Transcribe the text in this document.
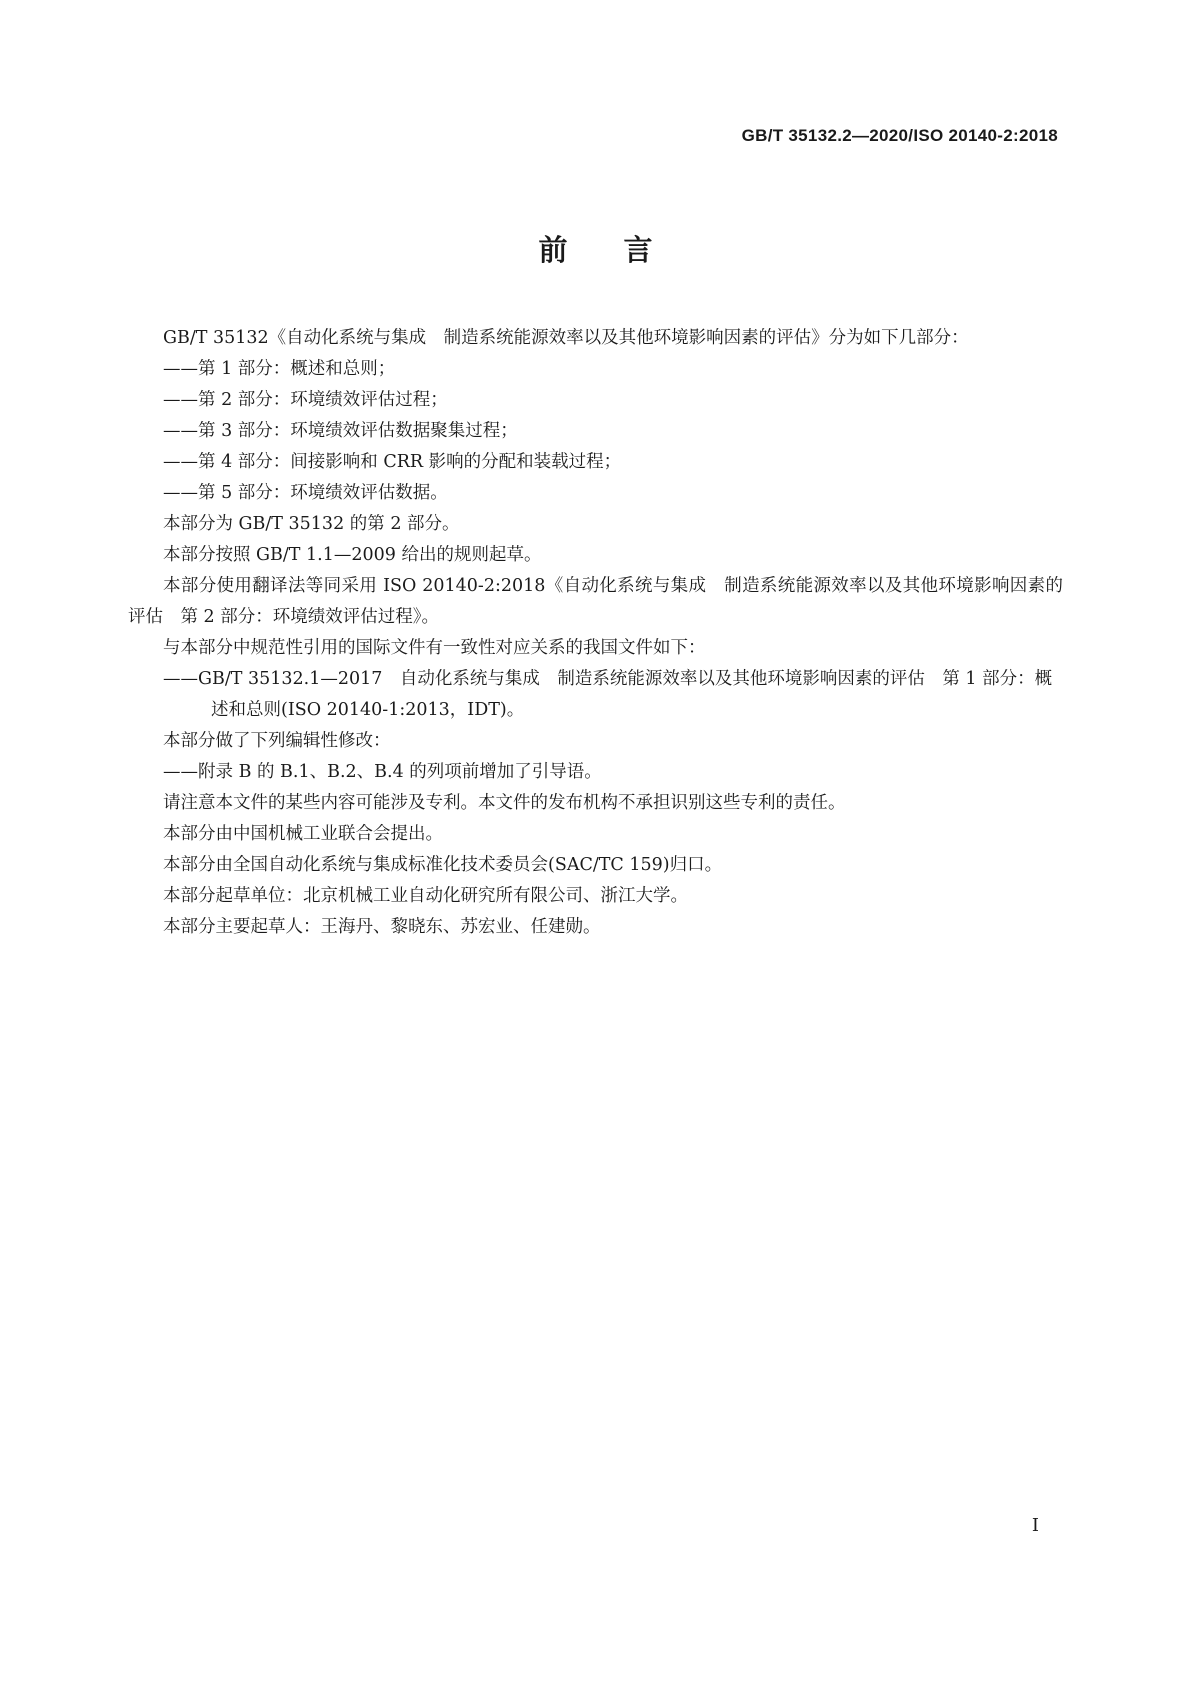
GB/T 35132.2—2020/ISO 20140-2:2018
前言

GB/T 35132《自动化系统与集成　制造系统能源效率以及其他环境影响因素的评估》分为如下几部分：

——第 1 部分：概述和总则；

——第 2 部分：环境绩效评估过程；

——第 3 部分：环境绩效评估数据聚集过程；

——第 4 部分：间接影响和 CRR 影响的分配和装载过程；

——第 5 部分：环境绩效评估数据。

本部分为 GB/T 35132 的第 2 部分。

本部分按照 GB/T 1.1—2009 给出的规则起草。

本部分使用翻译法等同采用 ISO 20140-2:2018《自动化系统与集成　制造系统能源效率以及其他环境影响因素的评估　第 2 部分：环境绩效评估过程》。

与本部分中规范性引用的国际文件有一致性对应关系的我国文件如下：

——GB/T 35132.1—2017　自动化系统与集成　制造系统能源效率以及其他环境影响因素的评估　第 1 部分：概述和总则(ISO 20140-1:2013，IDT)。

本部分做了下列编辑性修改：

——附录 B 的 B.1、B.2、B.4 的列项前增加了引导语。

请注意本文件的某些内容可能涉及专利。本文件的发布机构不承担识别这些专利的责任。

本部分由中国机械工业联合会提出。

本部分由全国自动化系统与集成标准化技术委员会(SAC/TC 159)归口。

本部分起草单位：北京机械工业自动化研究所有限公司、浙江大学。

本部分主要起草人：王海丹、黎晓东、苏宏业、任建勋。

I
